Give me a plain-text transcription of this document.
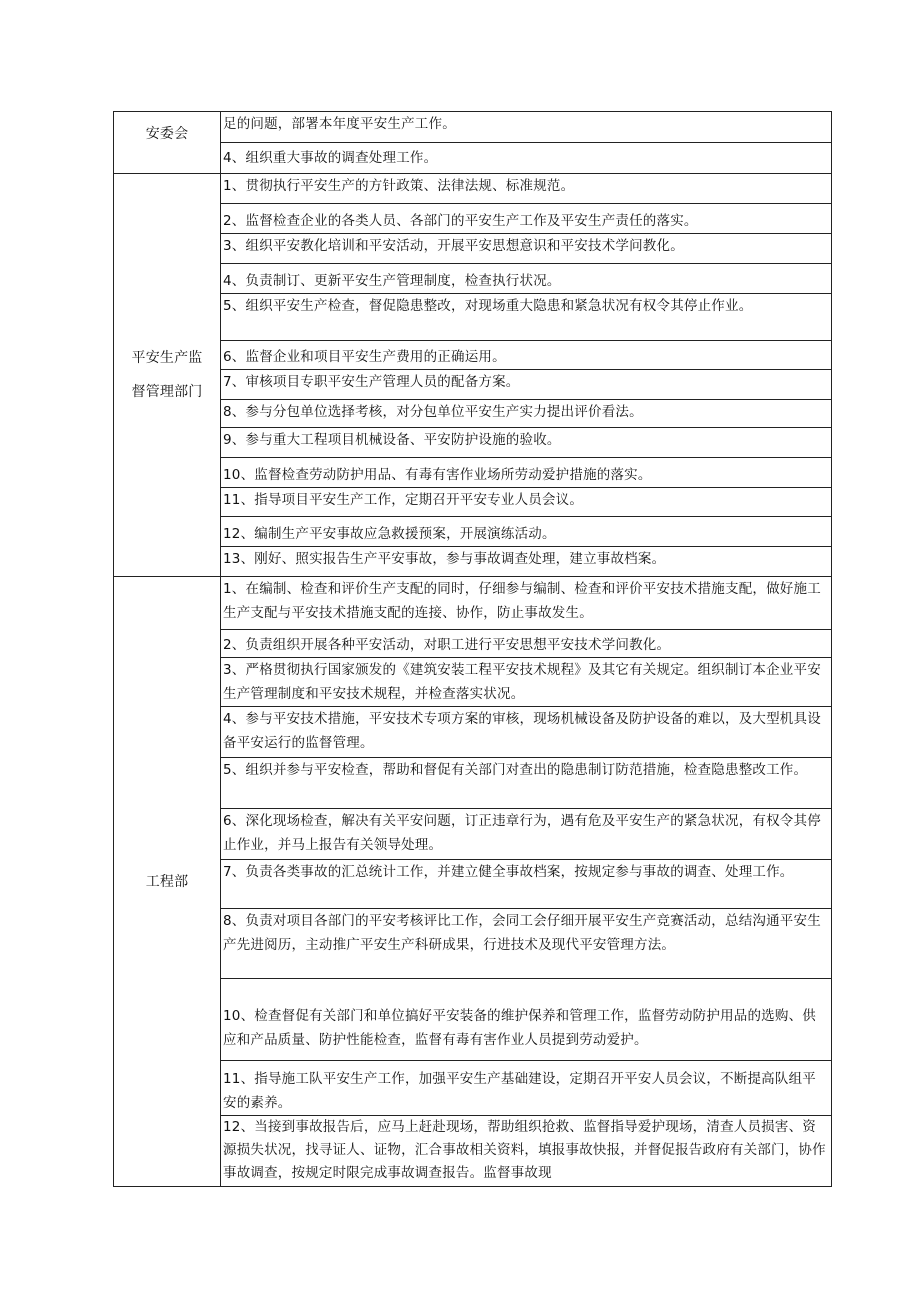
安委会	足的问题，部署本年度平安生产工作。
	4、组织重大事故的调查处理工作。

平安生产监
督管理部门	1、贯彻执行平安生产的方针政策、法律法规、标准规范。
	2、监督检查企业的各类人员、各部门的平安生产工作及平安生产责任的落实。
	3、组织平安教化培训和平安活动，开展平安思想意识和平安技术学问教化。
	4、负责制订、更新平安生产管理制度，检查执行状况。
	5、组织平安生产检查，督促隐患整改，对现场重大隐患和紧急状况有权令其停止作业。
	6、监督企业和项目平安生产费用的正确运用。
	7、审核项目专职平安生产管理人员的配备方案。
	8、参与分包单位选择考核，对分包单位平安生产实力提出评价看法。
	9、参与重大工程项目机械设备、平安防护设施的验收。
	10、监督检查劳动防护用品、有毒有害作业场所劳动爱护措施的落实。
	11、指导项目平安生产工作，定期召开平安专业人员会议。
	12、编制生产平安事故应急救援预案，开展演练活动。
	13、刚好、照实报告生产平安事故，参与事故调查处理，建立事故档案。

工程部	1、在编制、检查和评价生产支配的同时，仔细参与编制、检查和评价平安技术措施支配，做好施工生产支配与平安技术措施支配的连接、协作，防止事故发生。
	2、负责组织开展各种平安活动，对职工进行平安思想平安技术学问教化。
	3、严格贯彻执行国家颁发的《建筑安装工程平安技术规程》及其它有关规定。组织制订本企业平安生产管理制度和平安技术规程，并检查落实状况。
	4、参与平安技术措施，平安技术专项方案的审核，现场机械设备及防护设备的难以，及大型机具设备平安运行的监督管理。
	5、组织并参与平安检查，帮助和督促有关部门对查出的隐患制订防范措施，检查隐患整改工作。
	6、深化现场检查，解决有关平安问题，订正违章行为，遇有危及平安生产的紧急状况，有权令其停止作业，并马上报告有关领导处理。
	7、负责各类事故的汇总统计工作，并建立健全事故档案，按规定参与事故的调查、处理工作。
	8、负责对项目各部门的平安考核评比工作，会同工会仔细开展平安生产竞赛活动，总结沟通平安生产先进阅历，主动推广平安生产科研成果，行进技术及现代平安管理方法。
	10、检查督促有关部门和单位搞好平安装备的维护保养和管理工作，监督劳动防护用品的选购、供应和产品质量、防护性能检查，监督有毒有害作业人员提到劳动爱护。
	11、指导施工队平安生产工作，加强平安生产基础建设，定期召开平安人员会议，不断提高队组平安的素养。
	12、当接到事故报告后，应马上赶赴现场，帮助组织抢救、监督指导爱护现场，清查人员损害、资源损失状况，找寻证人、证物，汇合事故相关资料，填报事故快报，并督促报告政府有关部门，协作事故调查，按规定时限完成事故调查报告。监督事故现
